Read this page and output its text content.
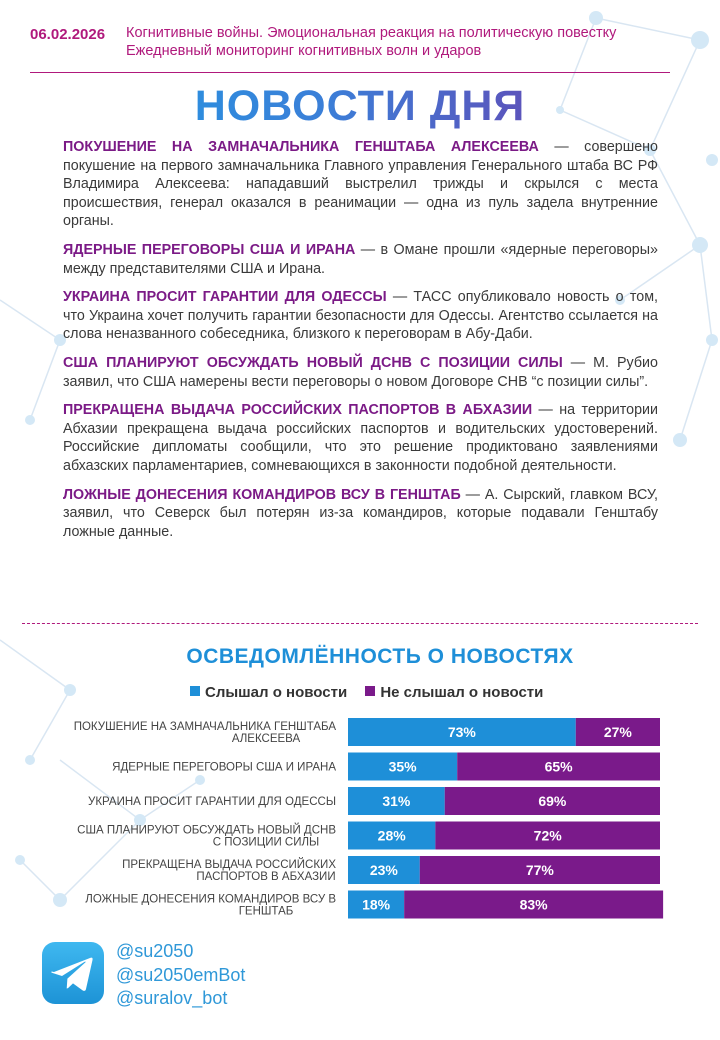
06.02.2026 Когнитивные войны. Эмоциональная реакция на политическую повестку
Ежедневный мониторинг когнитивных волн и ударов
НОВОСТИ ДНЯ
ПОКУШЕНИЕ НА ЗАМНАЧАЛЬНИКА ГЕНШТАБА АЛЕКСЕЕВА — совершено покушение на первого замначальника Главного управления Генерального штаба ВС РФ Владимира Алексеева: нападавший выстрелил трижды и скрылся с места происшествия, генерал оказался в реанимации — одна из пуль задела внутренние органы.
ЯДЕРНЫЕ ПЕРЕГОВОРЫ США И ИРАНА — в Омане прошли «ядерные переговоры» между представителями США и Ирана.
УКРАИНА ПРОСИТ ГАРАНТИИ ДЛЯ ОДЕССЫ — ТАСС опубликовало новость о том, что Украина хочет получить гарантии безопасности для Одессы. Агентство ссылается на слова неназванного собеседника, близкого к переговорам в Абу-Даби.
США ПЛАНИРУЮТ ОБСУЖДАТЬ НОВЫЙ ДСНВ С ПОЗИЦИИ СИЛЫ — М. Рубио заявил, что США намерены вести переговоры о новом Договоре СНВ “с позиции силы”.
ПРЕКРАЩЕНА ВЫДАЧА РОССИЙСКИХ ПАСПОРТОВ В АБХАЗИИ — на территории Абхазии прекращена выдача российских паспортов и водительских удостоверений. Российские дипломаты сообщили, что это решение продиктовано заявлениями абхазских парламентариев, сомневающихся в законности подобной деятельности.
ЛОЖНЫЕ ДОНЕСЕНИЯ КОМАНДИРОВ ВСУ В ГЕНШТАБ — А. Сырский, главком ВСУ, заявил, что Северск был потерян из-за командиров, которые подавали Генштабу ложные данные.
ОСВЕДОМЛЁННОСТЬ О НОВОСТЯХ
Слышал о новости Не слышал о новости
ПОКУШЕНИЕ НА ЗАМНАЧАЛЬНИКА ГЕНШТАБА АЛЕКСЕЕВА	73%	27%
ЯДЕРНЫЕ ПЕРЕГОВОРЫ США И ИРАНА	35%	65%
УКРАИНА ПРОСИТ ГАРАНТИИ ДЛЯ ОДЕССЫ	31%	69%
США ПЛАНИРУЮТ ОБСУЖДАТЬ НОВЫЙ ДСНВ С ПОЗИЦИИ СИЛЫ	28%	72%
ПРЕКРАЩЕНА ВЫДАЧА РОССИЙСКИХ ПАСПОРТОВ В АБХАЗИИ 23%	77%
ЛОЖНЫЕ ДОНЕСЕНИЯ КОМАНДИРОВ ВСУ В ГЕНШТАБ	18%	83%
@su2050
@su2050emBot
@suralov_bot
